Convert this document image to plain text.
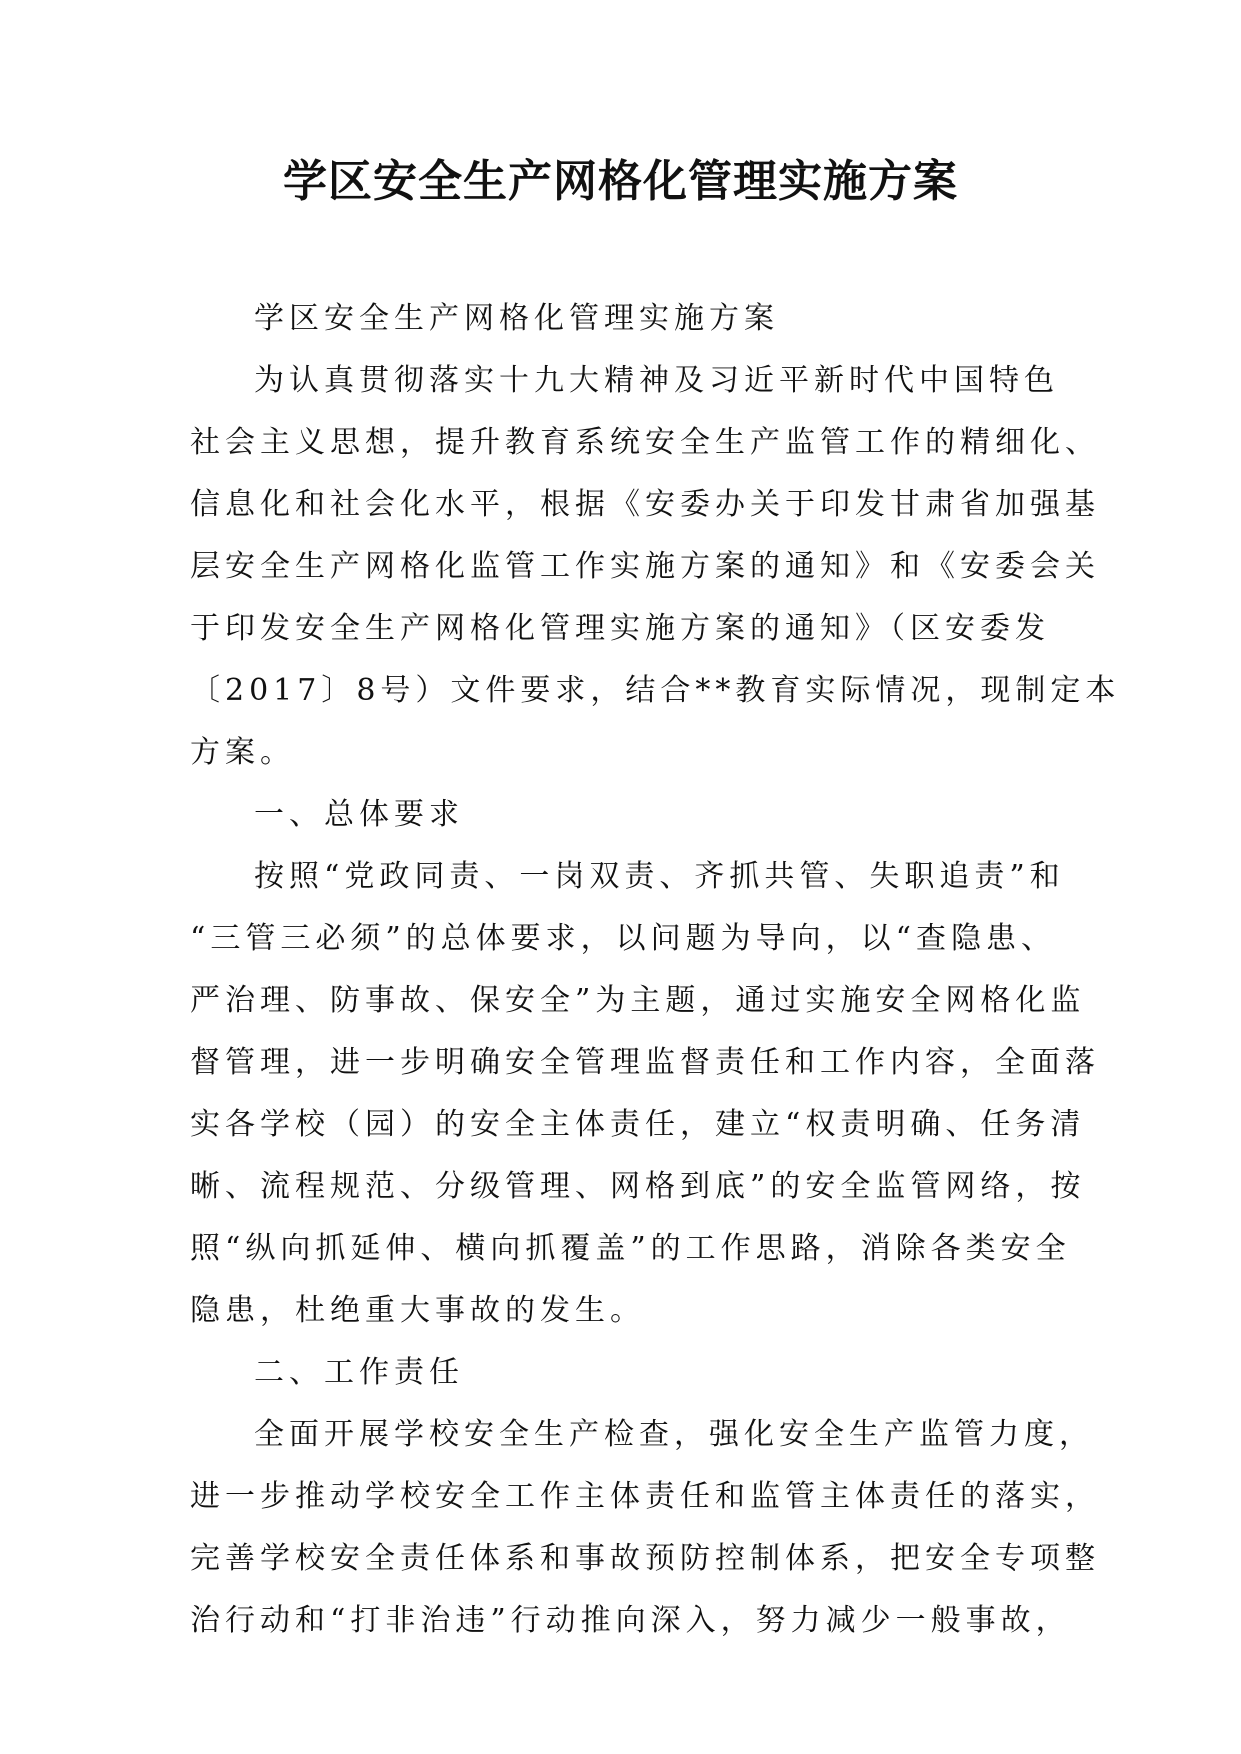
学区安全生产网格化管理实施方案
学区安全生产网格化管理实施方案
为认真贯彻落实十九大精神及习近平新时代中国特色
社会主义思想，提升教育系统安全生产监管工作的精细化、
信息化和社会化水平，根据《安委办关于印发甘肃省加强基
层安全生产网格化监管工作实施方案的通知》和《安委会关
于印发安全生产网格化管理实施方案的通知》（区安委发
〔2017〕8号）文件要求，结合**教育实际情况，现制定本
方案。
一、总体要求
按照“党政同责、一岗双责、齐抓共管、失职追责”和
“三管三必须”的总体要求，以问题为导向，以“查隐患、
严治理、防事故、保安全”为主题，通过实施安全网格化监
督管理，进一步明确安全管理监督责任和工作内容，全面落
实各学校（园）的安全主体责任，建立“权责明确、任务清
晰、流程规范、分级管理、网格到底”的安全监管网络，按
照“纵向抓延伸、横向抓覆盖”的工作思路，消除各类安全
隐患，杜绝重大事故的发生。
二、工作责任
全面开展学校安全生产检查，强化安全生产监管力度，
进一步推动学校安全工作主体责任和监管主体责任的落实，
完善学校安全责任体系和事故预防控制体系，把安全专项整
治行动和“打非治违”行动推向深入，努力减少一般事故，
